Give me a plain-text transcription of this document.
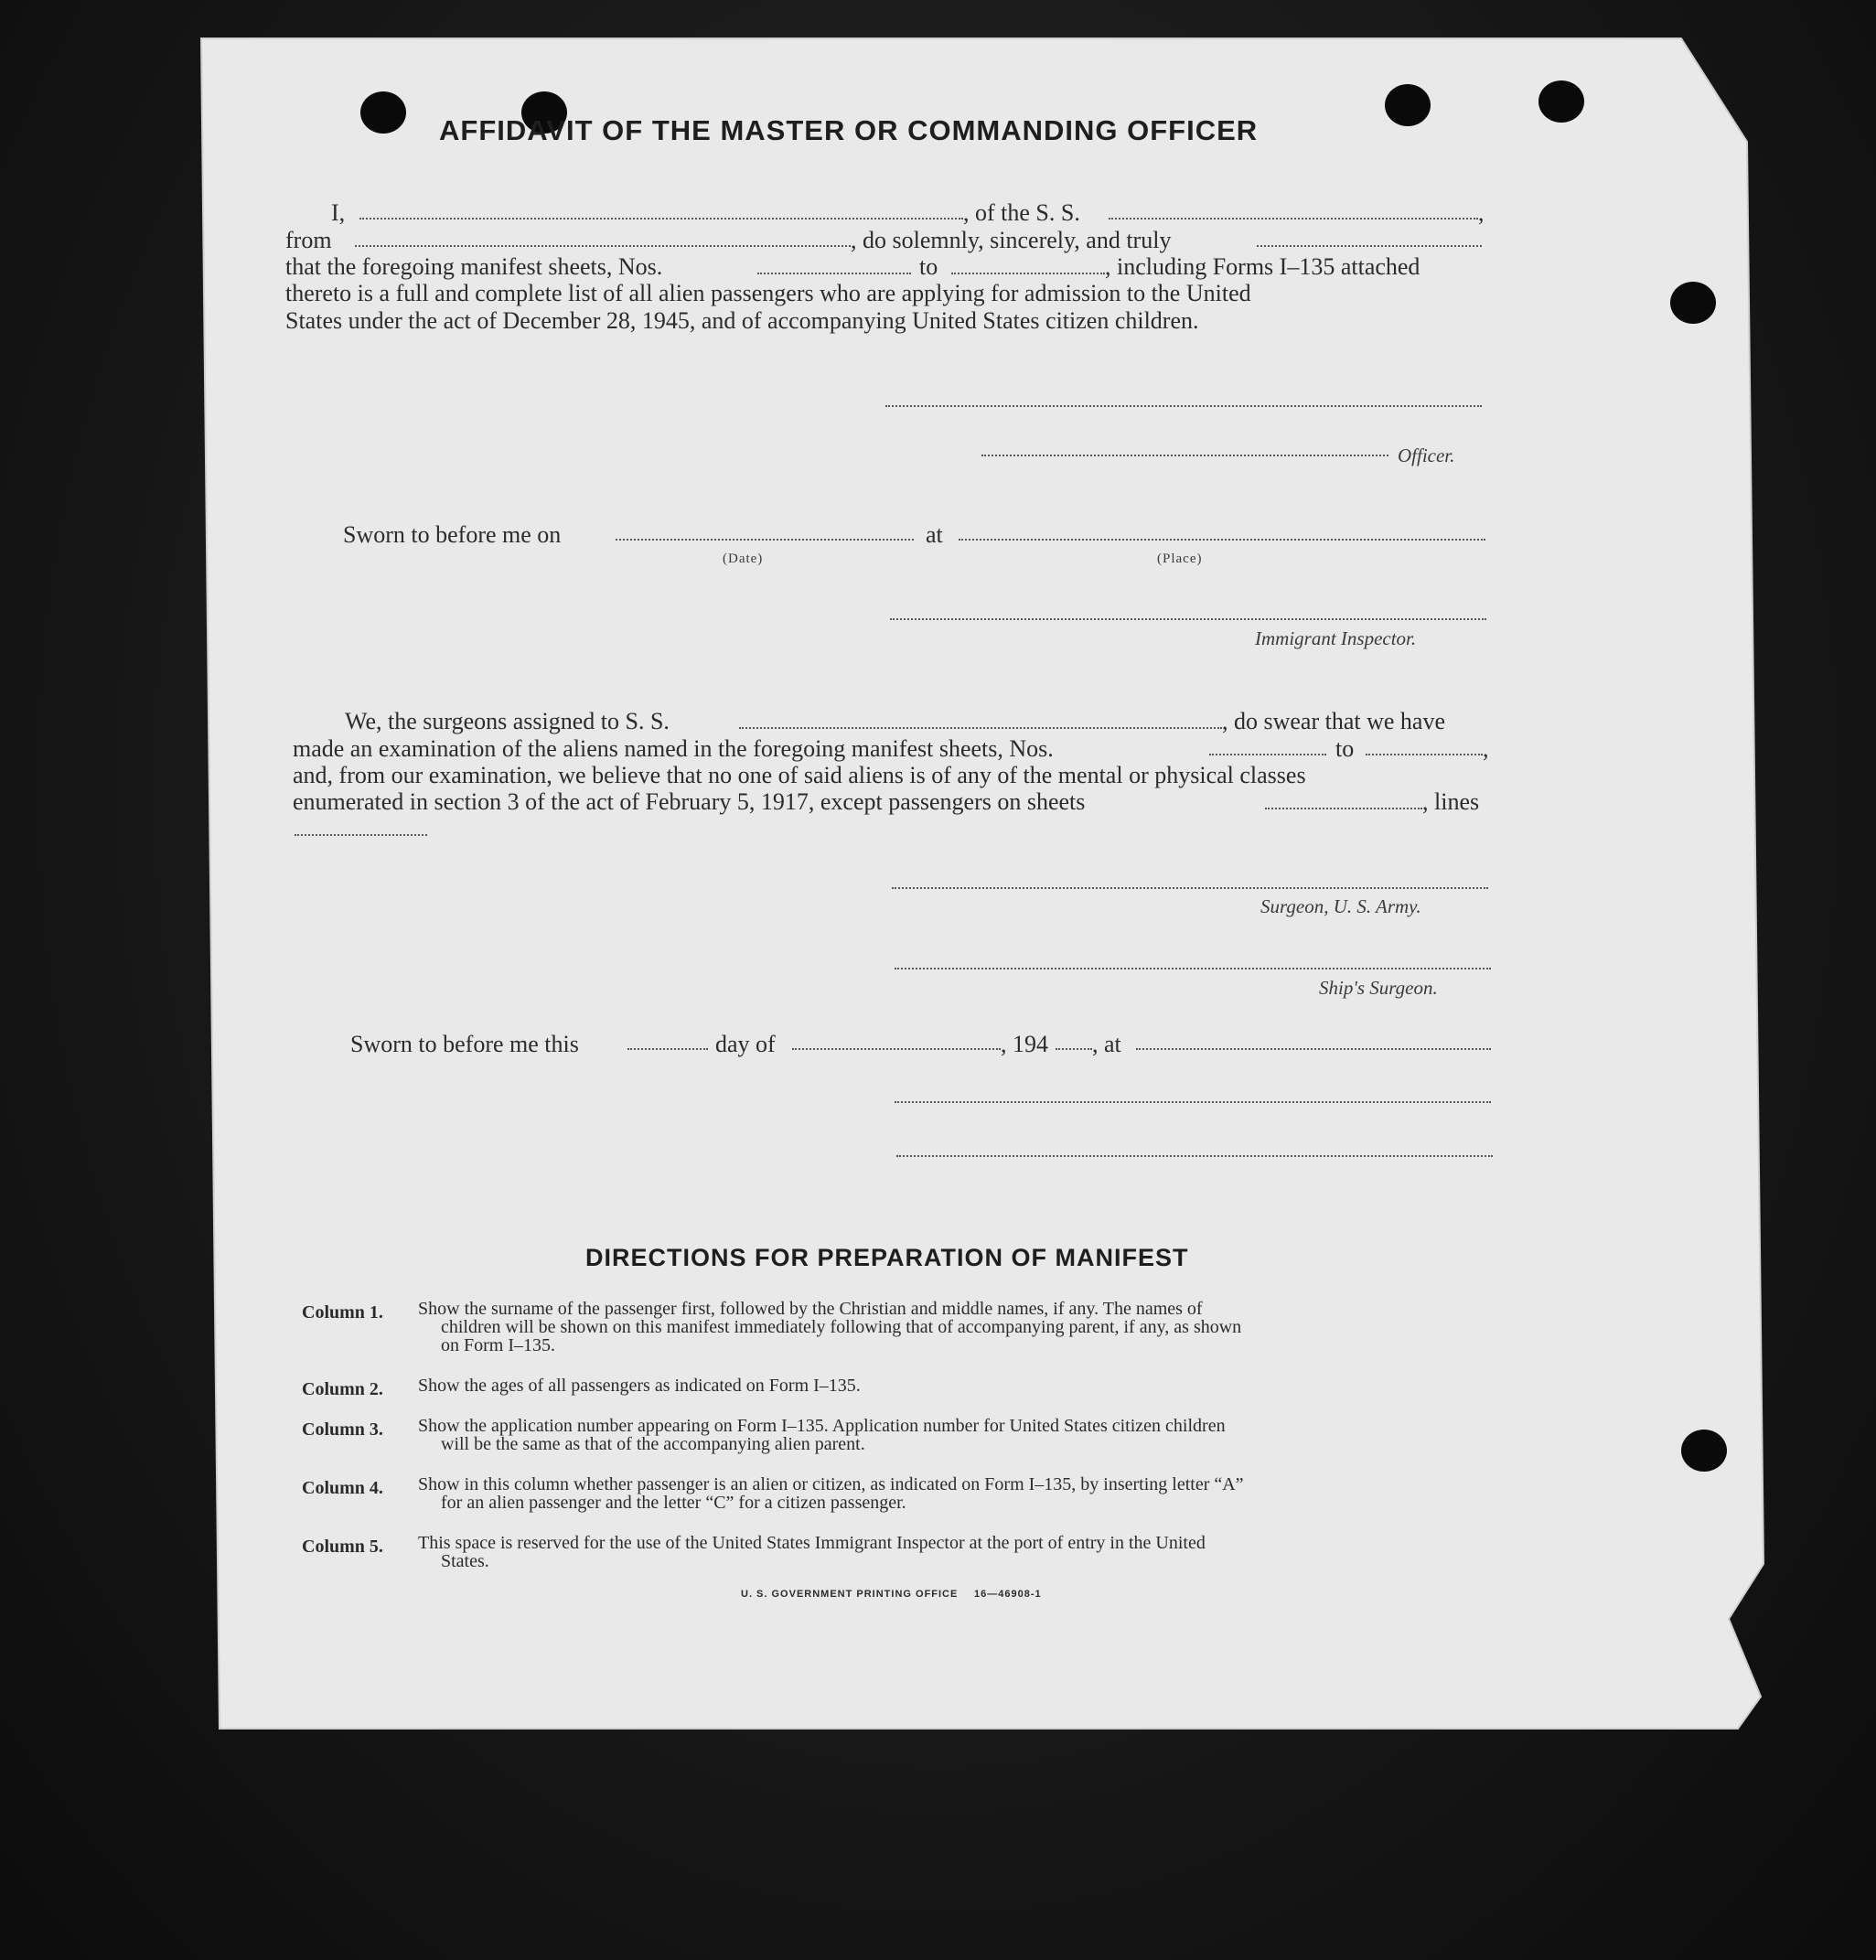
AFFIDAVIT OF THE MASTER OR COMMANDING OFFICER
I,	, of the S. S.	,
from	, do solemnly, sincerely, and truly
that the foregoing manifest sheets, Nos.	to	, including Forms I–135 attached
thereto is a full and complete list of all alien passengers who are applying for admission to the United
States under the act of December 28, 1945, and of accompanying United States citizen children.
Officer.
Sworn to before me on
(Date)
at
(Place)
Immigrant Inspector.
We, the surgeons assigned to S. S.	, do swear that we have
made an examination of the aliens named in the foregoing manifest sheets, Nos.	to	,
and, from our examination, we believe that no one of said aliens is of any of the mental or physical classes
enumerated in section 3 of the act of February 5, 1917, except passengers on sheets	, lines
Surgeon, U. S. Army.
Ship's Surgeon.
Sworn to before me this	day of	, 194 , at
DIRECTIONS FOR PREPARATION OF MANIFEST
Column 1. Show the surname of the passenger first, followed by the Christian and middle names, if any. The names of
children will be shown on this manifest immediately following that of accompanying parent, if any, as shown
on Form I–135.
Column 2. Show the ages of all passengers as indicated on Form I–135.
Column 3. Show the application number appearing on Form I–135. Application number for United States citizen children
will be the same as that of the accompanying alien parent.
Column 4. Show in this column whether passenger is an alien or citizen, as indicated on Form I–135, by inserting letter “A”
for an alien passenger and the letter “C” for a citizen passenger.
Column 5. This space is reserved for the use of the United States Immigrant Inspector at the port of entry in the United
States.
U. S. GOVERNMENT PRINTING OFFICE 16—46908-1
